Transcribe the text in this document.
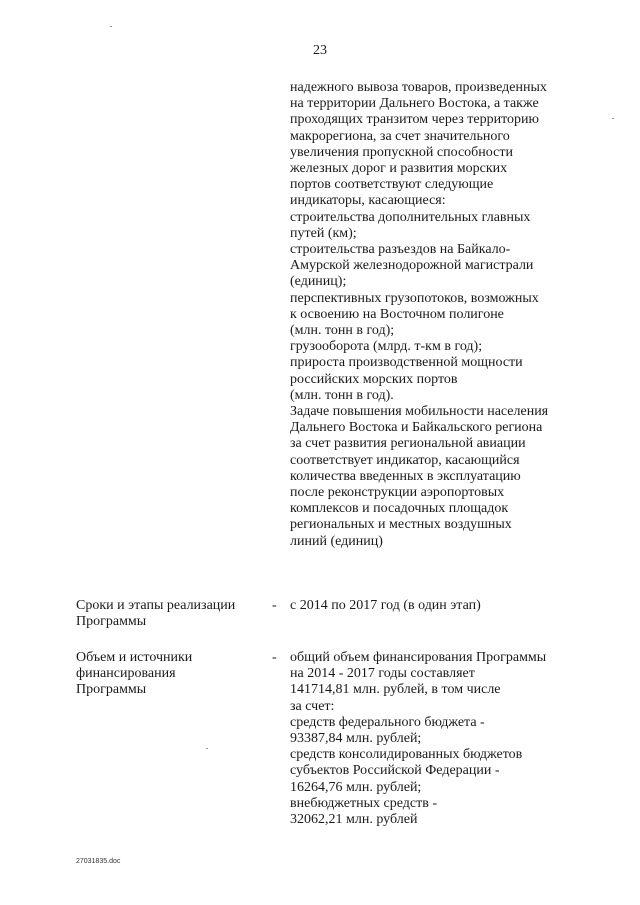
23

надежного вывоза товаров, произведенных

на территории Дальнего Востока, а также

проходящих транзитом через территорию

макрорегиона, за счет значительного

увеличения пропускной способности

железных дорог и развития морских

портов соответствуют следующие

индикаторы, касающиеся:

строительства дополнительных главных

путей (км);

строительства разъездов на Байкало-

Амурской железнодорожной магистрали

(единиц);

перспективных грузопотоков, возможных

к освоению на Восточном полигоне

(млн. тонн в год);

грузооборота (млрд. т-км в год);

прироста производственной мощности

российских морских портов

(млн. тонн в год).

Задаче повышения мобильности населения

Дальнего Востока и Байкальского региона

за счет развития региональной авиации

соответствует индикатор, касающийся

количества введенных в эксплуатацию

после реконструкции аэропортовых

комплексов и посадочных площадок

региональных и местных воздушных

линий (единиц)

Сроки и этапы реализации

Программы

- с 2014 по 2017 год (в один этап)

Объем и источники

финансирования

Программы

- общий объем финансирования Программы

на 2014 - 2017 годы составляет

141714,81 млн. рублей, в том числе

за счет:

средств федерального бюджета -

93387,84 млн. рублей;

средств консолидированных бюджетов

субъектов Российской Федерации -

16264,76 млн. рублей;

внебюджетных средств -

32062,21 млн. рублей

27031835.doc
